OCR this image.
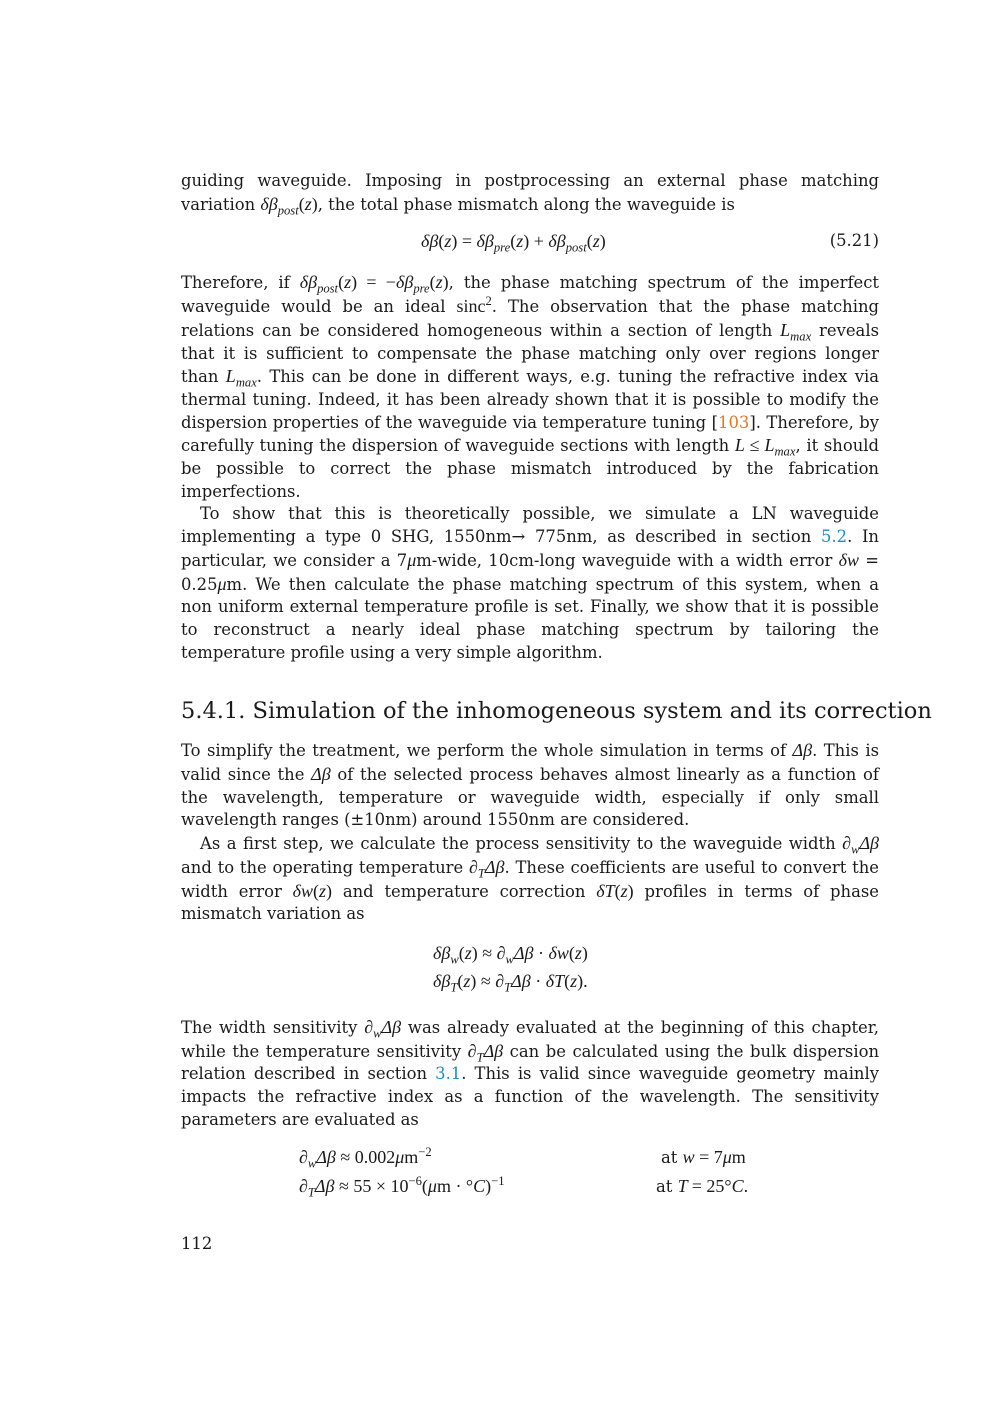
guiding waveguide. Imposing in postprocessing an external phase matching variation $\delta\beta_{post}(z)$, the total phase mismatch along the waveguide is

$\delta\beta(z) = \delta\beta_{pre}(z) + \delta\beta_{post}(z)$	(5.21)

Therefore, if $\delta\beta_{post}(z) = -\delta\beta_{pre}(z)$, the phase matching spectrum of the imperfect waveguide would be an ideal sinc$^2$. The observation that the phase matching relations can be considered homogeneous within a section of length $L_{max}$ reveals that it is sufficient to compensate the phase matching only over regions longer than $L_{max}$. This can be done in different ways, e.g. tuning the refractive index via thermal tuning. Indeed, it has been already shown that it is possible to modify the dispersion properties of the waveguide via temperature tuning [103]. Therefore, by carefully tuning the dispersion of waveguide sections with length $L \le L_{max}$, it should be possible to correct the phase mismatch introduced by the fabrication imperfections.

To show that this is theoretically possible, we simulate a LN waveguide implementing a type 0 SHG, 1550nm→ 775nm, as described in section 5.2. In particular, we consider a 7μm-wide, 10cm-long waveguide with a width error δw = 0.25μm. We then calculate the phase matching spectrum of this system, when a non uniform external temperature profile is set. Finally, we show that it is possible to reconstruct a nearly ideal phase matching spectrum by tailoring the temperature profile using a very simple algorithm.

5.4.1. Simulation of the inhomogeneous system and its correction

To simplify the treatment, we perform the whole simulation in terms of Δβ. This is valid since the Δβ of the selected process behaves almost linearly as a function of the wavelength, temperature or waveguide width, especially if only small wavelength ranges (±10nm) around 1550nm are considered.

As a first step, we calculate the process sensitivity to the waveguide width $\partial_w\Delta\beta$ and to the operating temperature $\partial_T\Delta\beta$. These coefficients are useful to convert the width error δw(z) and temperature correction δT(z) profiles in terms of phase mismatch variation as

$\delta\beta_w(z) \approx \partial_w\Delta\beta \cdot \delta w(z)$
$\delta\beta_T(z) \approx \partial_T\Delta\beta \cdot \delta T(z)$.

The width sensitivity $\partial_w\Delta\beta$ was already evaluated at the beginning of this chapter, while the temperature sensitivity $\partial_T\Delta\beta$ can be calculated using the bulk dispersion relation described in section 3.1. This is valid since waveguide geometry mainly impacts the refractive index as a function of the wavelength. The sensitivity parameters are evaluated as

$\partial_w\Delta\beta \approx 0.002\mu m^{-2}$	at w = 7μm
$\partial_T\Delta\beta \approx 55 \times 10^{-6}(\mu m \cdot ^\circ C)^{-1}$	at T = 25°C.
112
